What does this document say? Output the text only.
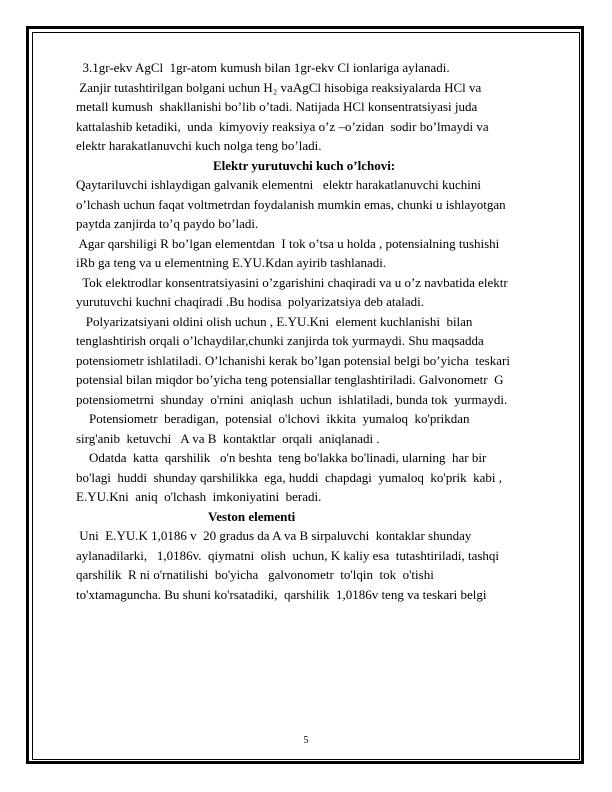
3.1gr-ekv AgCl  1gr-atom kumush bilan 1gr-ekv Cl ionlariga aylanadi.
Zanjir tutashtirilgan bolgani uchun H₂ vaAgCl hisobiga reaksiyalarda HCl va
metall kumush  shakllanishi bo’lib o’tadi. Natijada HCl konsentratsiyasi juda
kattalashib ketadiki,  unda  kimyoviy reaksiya o’z –o’zidan  sodir bo’lmaydi va
elektr harakatlanuvchi kuch nolga teng bo’ladi.
Elektr yurutuvchi kuch o’lchovi:
Qaytariluvchi ishlaydigan galvanik elementni   elektr harakatlanuvchi kuchini
o’lchash uchun faqat voltmetrdan foydalanish mumkin emas, chunki u ishlayotgan
paytda zanjirda to’q paydo bo’ladi.
Agar qarshiligi R bo’lgan elementdan  I tok o’tsa u holda , potensialning tushishi
iRb ga teng va u elementning E.YU.Kdan ayirib tashlanadi.
Tok elektrodlar konsentratsiyasini o’zgarishini chaqiradi va u o’z navbatida elektr
yurutuvchi kuchni chaqiradi .Bu hodisa  polyarizatsiya deb ataladi.
Polyarizatsiyani oldini olish uchun , E.YU.Kni  element kuchlanishi  bilan
tenglashtirish orqali o’lchaydilar,chunki zanjirda tok yurmaydi. Shu maqsadda
potensiometr ishlatiladi. O’lchanishi kerak bo’lgan potensial belgi bo’yicha  teskari
potensial bilan miqdor bo’yicha teng potensiallar tenglashtiriladi. Galvonometr  G
potensiometrni  shunday  o'rnini  aniqlash  uchun  ishlatiladi, bunda tok  yurmaydi.
Potensiometr  beradigan,  potensial  o'lchovi  ikkita  yumaloq  ko'prikdan
sirg'anib  ketuvchi   A va B  kontaktlar  orqali  aniqlanadi .
Odatda  katta  qarshilik   o'n beshta  teng bo'lakka bo'linadi, ularning  har bir
bo'lagi  huddi  shunday qarshilikka  ega, huddi  chapdagi  yumaloq  ko'prik  kabi ,
E.YU.Kni  aniq  o'lchash  imkoniyatini  beradi.
Veston elementi
Uni  E.YU.K 1,0186 v  20 gradus da A va B sirpaluvchi  kontaklar shunday
aylanadilarki,   1,0186v.  qiymatni  olish  uchun, K kaliy esa  tutashtiriladi, tashqi
qarshilik  R ni o'rnatilishi  bo'yicha   galvonometr  to'lqin  tok  o'tishi
to'xtamaguncha. Bu shuni ko'rsatadiki,  qarshilik  1,0186v teng va teskari belgi
5
